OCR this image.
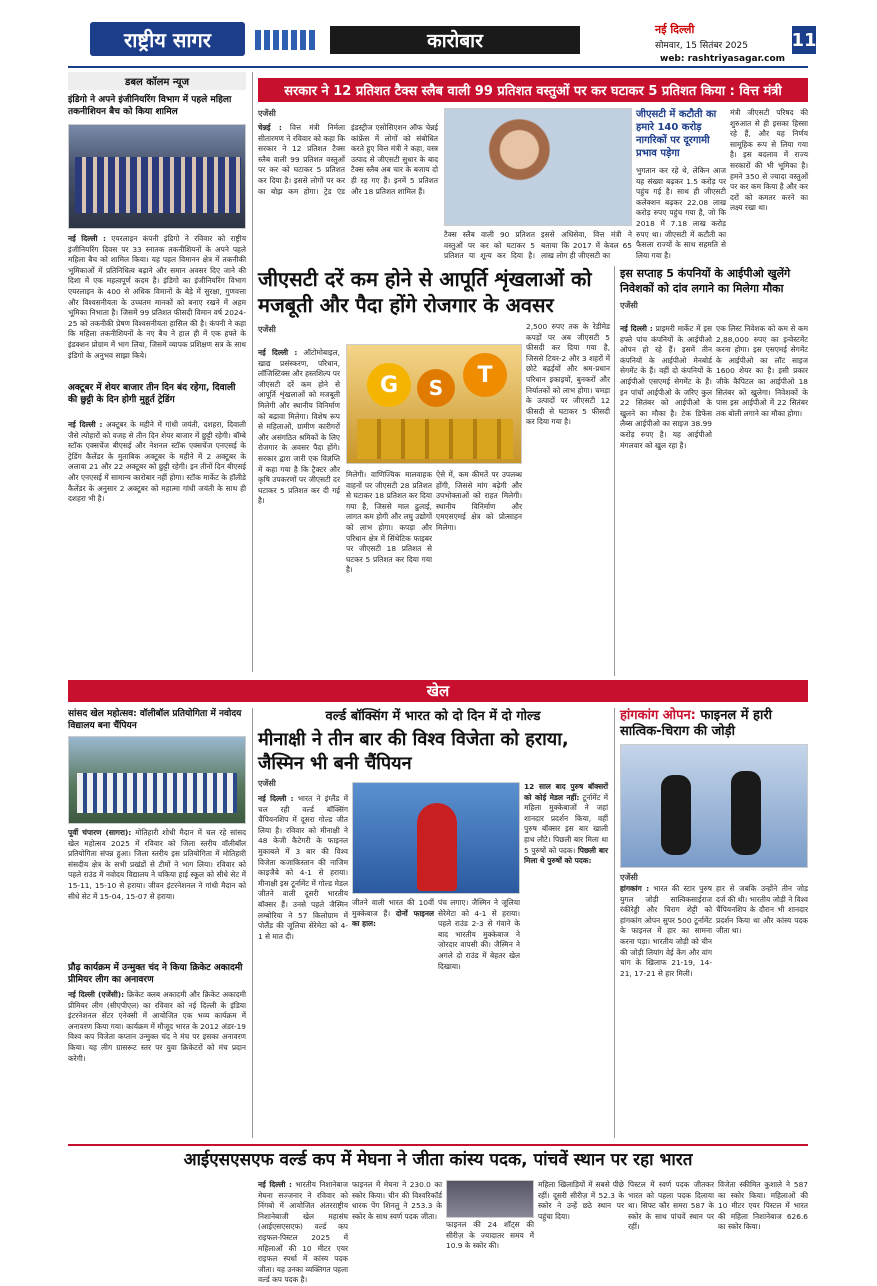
राष्ट्रीय सागर	कारोबार
नई दिल्ली
सोमवार, 15 सितंबर 2025
web: rashtriyasagar.com
11
डबल कॉलम न्यूज
इंडिगो ने अपने इंजीनियरिंग विभाग में पहले महिला तकनीशियन बैच को किया शामिल
नई दिल्ली : एयरलाइन कंपनी इंडिगो ने रविवार को राष्ट्रीय इंजीनियरिंग दिवस पर 33 स्नातक तकनीशियनों के अपने पहले महिला बैच को शामिल किया। यह पहल विमानन क्षेत्र में तकनीकी भूमिकाओं में प्रतिनिधित्व बढ़ाने और समान अवसर दिए जाने की दिशा में एक महत्वपूर्ण कदम है। इंडिगो का इंजीनियरिंग विभाग एयरलाइन के 400 से अधिक विमानों के बेड़े में सुरक्षा, गुणवत्ता और विश्वसनीयता के उच्चतम मानकों को बनाए रखने में अहम भूमिका निभाता है। जिसमें 99 प्रतिशत फीसदी विमान वर्ष 2024-25 को तकनीकी प्रेषण विश्वसनीयता हासिल की है। कंपनी ने कहा कि महिला तकनीशियनों के नए बैच ने हाल ही में एक हफ्ते के इंडक्शन प्रोग्राम में भाग लिया, जिसमें व्यापक प्रशिक्षण सत्र के साथ इंडिगो के अनुभव साझा किये।
अक्टूबर में शेयर बाजार तीन दिन बंद रहेगा, दिवाली की छुट्टी के दिन होगी मुहूर्त ट्रेडिंग
नई दिल्ली : अक्टूबर के महीने में गांधी जयंती, दशहरा, दिवाली जैसे त्योहारों को वजह से तीन दिन शेयर बाजार में छुट्टी रहेगी। बॉम्बे स्टॉक एक्सचेंज बीएसई और नेशनल स्टॉक एक्सचेंज एनएसई के ट्रेडिंग कैलेंडर के मुताबिक अक्टूबर के महीने में 2 अक्टूबर के अलावा 21 और 22 अक्टूबर को छुट्टी रहेगी। इन तीनों दिन बीएसई और एनएसई में सामान्य कारोबार नहीं होगा। स्टॉक मार्केट के हॉलीडे कैलेंडर के अनुसार 2 अक्टूबर को महात्मा गांधी जयंती के साथ ही दशहरा भी है।
सरकार ने 12 प्रतिशत टैक्स स्लैब वाली 99 प्रतिशत वस्तुओं पर कर घटाकर 5 प्रतिशत किया : वित्त मंत्री
एजेंसी
चेन्नई : वित्त मंत्री निर्मला सीतारमण ने रविवार को कहा कि सरकार ने 12 प्रतिशत टैक्स स्लैब वाली 99 प्रतिशत वस्तुओं पर कर को घटाकर 5 प्रतिशत कर दिया है। इससे लोगों पर कर का बोझ कम होगा। ट्रेड एंड इंडस्ट्रीज एसोसिएशन ऑफ चेन्नई कांफ्रेंस में लोगों को संबोधित करते हुए वित्त मंत्री ने कहा, वस्त्र उत्पाद से जीएसटी सुधार के बाद टैक्स स्लैब अब चार के बजाय दो ही रह गए हैं। इनमें 5 प्रतिशत और 18 प्रतिशत शामिल हैं।
टैक्स स्लैब वाली 90 प्रतिशत वस्तुओं पर कर को घटाकर 5 प्रतिशत या शून्य कर दिया है। इससे अधिसेवा, वित्त मंत्री ने बताया कि 2017 में केवल 65 लाख लोग ही जीएसटी का
जीएसटी में कटौती का हमारे 140 करोड़ नागरिकों पर दूरगामी प्रभाव पड़ेगा
भुगतान कर रहे थे, लेकिन आज यह संख्या बढ़कर 1.5 करोड़ पर पहुंच गई है। साथ ही जीएसटी कलेक्शन बढ़कर 22.08 लाख करोड़ रुपए पहुंच गया है, जो कि 2018 में 7.18 लाख करोड़ रुपए था। जीएसटी में कटौती का फैसला राज्यों के साथ सहमति से लिया गया है।
मंत्री जीएसटी परिषद की शुरुआत से ही इसका हिस्सा रहे हैं, और यह निर्णय सामूहिक रूप से लिया गया है। इस बदलाव में राज्य सरकारों की भी भूमिका है। हमने 350 से ज्यादा वस्तुओं पर कर कम किया है और कर दरों को कमतर करने का लक्ष्य रखा था।
जीएसटी दरें कम होने से आपूर्ति शृंखलाओं को मजबूती और पैदा होंगे रोजगार के अवसर
एजेंसी
नई दिल्ली : ऑटोमोबाइल, खाद्य प्रसंस्करण, परिधान, लॉजिस्टिक्स और हस्तशिल्प पर जीएसटी दरें कम होने से आपूर्ति शृंखलाओं को मजबूती मिलेगी और स्थानीय विनिर्माण को बढ़ावा मिलेगा। विशेष रूप से महिलाओं, ग्रामीण कारीगरों और असंगठित श्रमिकों के लिए रोजगार के अवसर पैदा होंगे। सरकार द्वारा जारी एक विज्ञप्ति में कहा गया है कि ट्रैक्टर और कृषि उपकरणों पर जीएसटी दर घटाकर 5 प्रतिशत कर दी गई है।
G	S
T
मिलेगी। वाणिज्यिक मालवाहक वाहनों पर जीएसटी 28 प्रतिशत से घटाकर 18 प्रतिशत कर दिया गया है, जिससे माल ढुलाई, लागत कम होगी और लघु उद्योगों को लाभ होगा। कपड़ा और परिधान क्षेत्र में सिंथेटिक फाइबर पर जीएसटी 18 प्रतिशत से घटकर 5 प्रतिशत कर दिया गया है।
ऐसे में, कम कीमतें पर उपलब्ध होंगी, जिससे मांग बढ़ेगी और उपभोक्ताओं को राहत मिलेगी। स्थानीय विनिर्माण और एमएसएमई क्षेत्र को प्रोत्साहन मिलेगा।
2,500 रुपए तक के रेडीमेड कपड़ों पर अब जीएसटी 5 फीसदी कर दिया गया है, जिससे टियर-2 और 3 शहरों में छोटे बढ़ईयों और श्रम-प्रधान परिधान इकाइयों, बुनकरों और निर्यातकों को लाभ होगा। चमड़ा के उत्पादों पर जीएसटी 12 फीसदी से घटाकर 5 फीसदी कर दिया गया है।
इस सप्ताह 5 कंपनियों के आईपीओ खुलेंगे निवेशकों को दांव लगाने का मिलेगा मौका
एजेंसी
नई दिल्ली : प्राइमरी मार्केट में इस हफ्ते पांच कंपनियों के आईपीओ ओपन हो रहे हैं। इसमें तीन कंपनियों के आईपीओ मेनबोर्ड सेगमेंट के हैं। वहीं दो कंपनियों के आईपीओ एसएमई सेगमेंट के हैं। इन पांचों आईपीओ के जरिए कुल 22 सितंबर को आईपीओ के खुलने का मौका है। टेक डिफेंस लैब्स आईपीओ का साइज 38.99 करोड़ रुपए है। यह आईपीओ मंगलवार को खुल रहा है।
एक लिस्ट निवेशक को कम से कम 2,88,000 रुपए का इन्वेस्टमेंट करना होगा। इस एसएमई सेगमेंट के आईपीओ का लॉट साइज 1600 शेयर का है। इसी प्रकार जीके कैपिटल का आईपीओ 18 सितंबर को खुलेगा। निवेशकों के पास इस आईपीओ में 22 सितंबर तक बोली लगाने का मौका होगा।
खेल
सांसद खेल महोत्सव: वॉलीबॉल प्रतियोगिता में नवोदय विद्यालय बना चैंपियन
पूर्वी चंपारण (सागरा): मोतिहारी शोधी मैदान में चल रहे सांसद खेल महोत्सव 2025 में रविवार को जिला स्तरीय वॉलीबॉल प्रतियोगिता संपन्न हुआ। जिला स्तरीय इस प्रतियोगिता में मोतिहारी संसदीय क्षेत्र के सभी प्रखंडों से टीमों ने भाग लिया। रविवार को पहले राउंड में नवोदय विद्यालय ने चकिया हाई स्कूल को सीधे सेट में 15-11, 15-10 से हराया। जीवन इंटरनेशनल ने गांधी मैदान को सीधे सेट में 15-04, 15-07 से हराया।
प्रौढ़ कार्यक्रम में उन्मुक्त चंद ने किया क्रिकेट अकादमी प्रीमियर लीग का अनावरण
नई दिल्ली (एजेंसी): क्रिकेट क्लब अकादमी और क्रिकेट अकादमी प्रीमियर लीग (सीएपीएल) का रविवार को नई दिल्ली के इंडिया इंटरनेशनल सेंटर एनेक्सी में आयोजित एक भव्य कार्यक्रम में अनावरण किया गया। कार्यक्रम में मौजूद भारत के 2012 अंडर-19 विश्व कप विजेता कप्तान उन्मुक्त चंद ने मंच पर इसका अनावरण किया। यह लीग ग्रासरूट स्तर पर युवा क्रिकेटरों को मंच प्रदान करेगी।
वर्ल्ड बॉक्सिंग में भारत को दो दिन में दो गोल्ड
मीनाक्षी ने तीन बार की विश्व विजेता को हराया, जैस्मिन भी बनी चैंपियन
एजेंसी
नई दिल्ली : भारत ने इंग्लैंड में चल रही वर्ल्ड बॉक्सिंग चैंपियनशिप में दूसरा गोल्ड जीत लिया है। रविवार को मीनाक्षी ने 48 केजी कैटेगरी के फाइनल मुकाबले में 3 बार की विश्व विजेता कजाकिस्तान की नाजिम काइजैबे को 4-1 से हराया। मीनाक्षी इस टूर्नामेंट में गोल्ड मेडल जीतने वाली दूसरी भारतीय बॉक्सर हैं। उनसे पहले जैस्मिन लम्बोरिया ने 57 किलोग्राम में पोलैंड की जूलिया सेरेमेटा को 4-1 से मात दी।
जीतने वाली भारत की 10वीं मुक्केबाज हैं। दोनों फाइनल का हाल:
पंच लगाए। जैस्मिन ने जूलिया सेरेमेटा को 4-1 से हराया। पहले राउंड 2-3 से गंवाने के बाद भारतीय मुक्केबाज ने जोरदार वापसी की। जैस्मिन ने अगले दो राउंड में बेहतर खेल दिखाया।
12 साल बाद पुरुष बॉक्सरों को कोई मेडल नहीं: टूर्नामेंट में महिला मुक्केबाजों ने जहां शानदार प्रदर्शन किया, वहीं पुरुष बॉक्सर इस बार खाली हाथ लौटे। पिछली बार मिला था 5 पुरुषों को पदक। पिछली बार मिला थे पुरुषों को पदक:
हांगकांग ओपन: फाइनल में हारी सात्विक-चिराग की जोड़ी
एजेंसी
हांगकांग : भारत की स्टार पुरुष युगल जोड़ी सात्विकसाईराज रंकीरेड्डी और चिराग शेट्टी को हांगकांग ओपन सुपर 500 टूर्नामेंट के फाइनल में हार का सामना करना पड़ा। भारतीय जोड़ी को चीन की जोड़ी लियांग वेई केंग और वांग चांग के खिलाफ 21-19, 14-21, 17-21 से हार मिली।
हार से जबकि उन्होंने तीन जोड़ दर्ज की थी। भारतीय जोड़ी ने विश्व चैंपियनशिप के दौरान भी शानदार प्रदर्शन किया था और कांस्य पदक जीता था।
आईएसएसएफ वर्ल्ड कप में मेघना ने जीता कांस्य पदक, पांचवें स्थान पर रहा भारत
नई दिल्ली : भारतीय निशानेबाज मेघना सज्जनार ने रविवार को निंगबो में आयोजित अंतरराष्ट्रीय निशानेबाजी खेल महासंघ (आईएसएसएफ) वर्ल्ड कप राइफल-पिस्टल 2025 में महिलाओं की 10 मीटर एयर राइफल स्पर्धा में कांस्य पदक जीता। यह उनका व्यक्तिगत पहला वर्ल्ड कप पदक है।
फाइनल में मेघना ने 230.0 का स्कोर किया। चीन की विश्वरिकॉर्ड धारक पेंग शिनलु ने 253.3 के स्कोर के साथ स्वर्ण पदक जीता।
फाइनल की 24 शॉट्स की सीरीज़ के ज्यादातर समय में 10.9 के स्कोर की।
महिला खिलाड़ियों में सबसे पीछे रहीं। दूसरी सीरीज़ में 52.3 के स्कोर ने उन्हें छठे स्थान पर पहुंचा दिया।
पिस्टल में स्वर्ण पदक जीतकर भारत को पहला पदक दिलाया था। सिफ्ट कौर समरा 587 के स्कोर के साथ पांचवें स्थान पर रहीं।
विजेता स्कीमित कुशाले ने 587 का स्कोर किया। महिलाओं की 10 मीटर एयर पिस्टल में भारत की महिला निशानेबाज 626.6 का स्कोर किया।
